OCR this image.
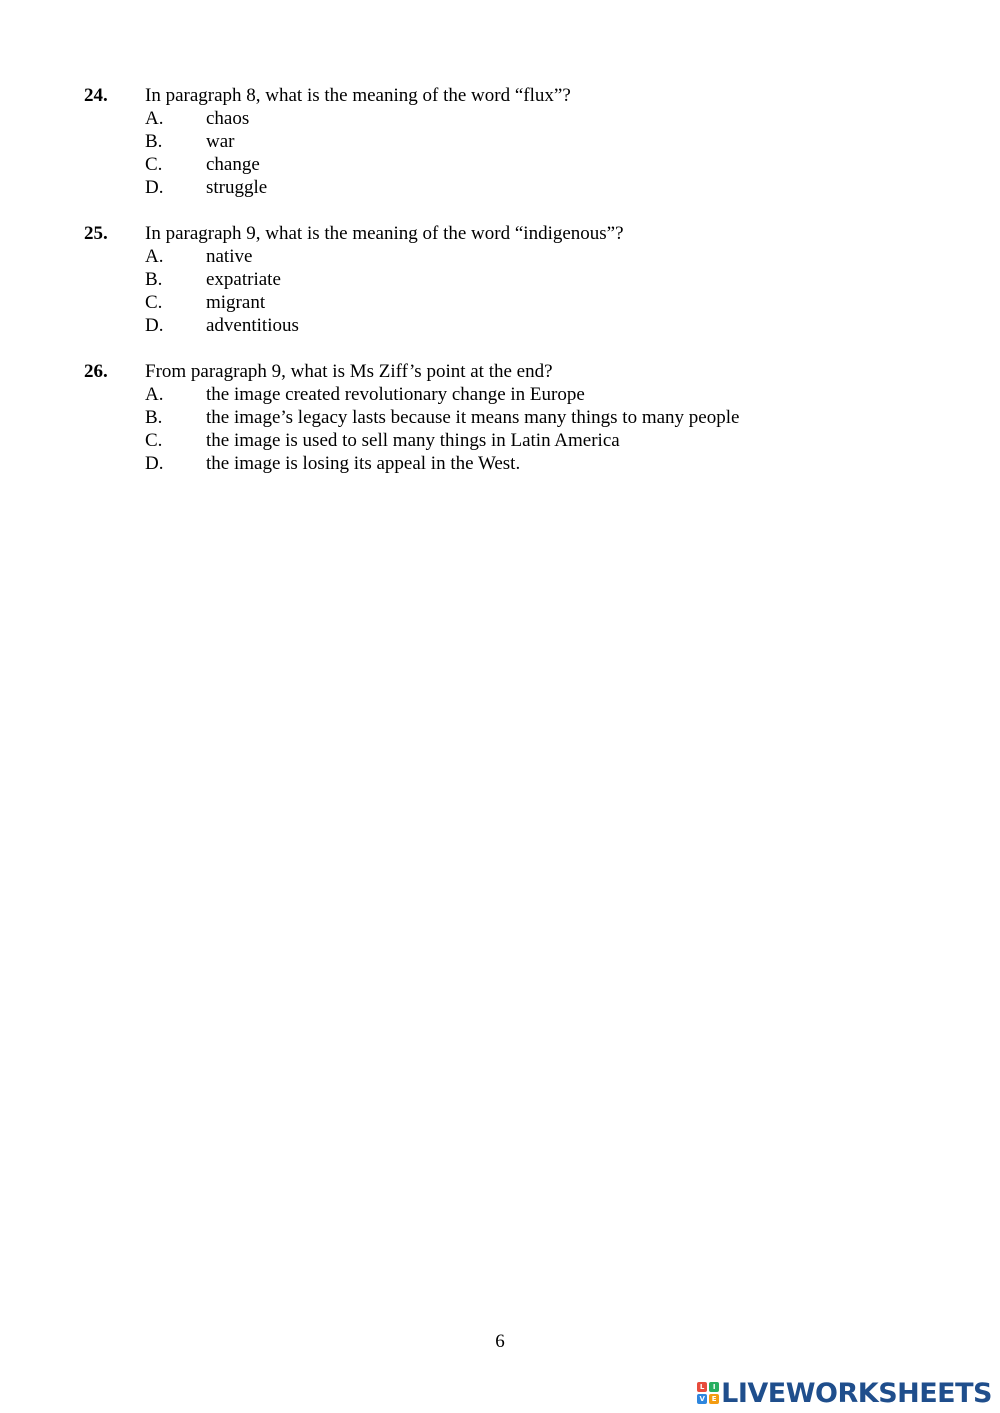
24. In paragraph 8, what is the meaning of the word “flux”?
A. chaos
B. war
C. change
D. struggle
25. In paragraph 9, what is the meaning of the word “indigenous”?
A. native
B. expatriate
C. migrant
D. adventitious
26. From paragraph 9, what is Ms Ziff’s point at the end?
A. the image created revolutionary change in Europe
B. the image’s legacy lasts because it means many things to many people
C. the image is used to sell many things in Latin America
D. the image is losing its appeal in the West.
6
L	I
V E LIVEWORKSHEETS
